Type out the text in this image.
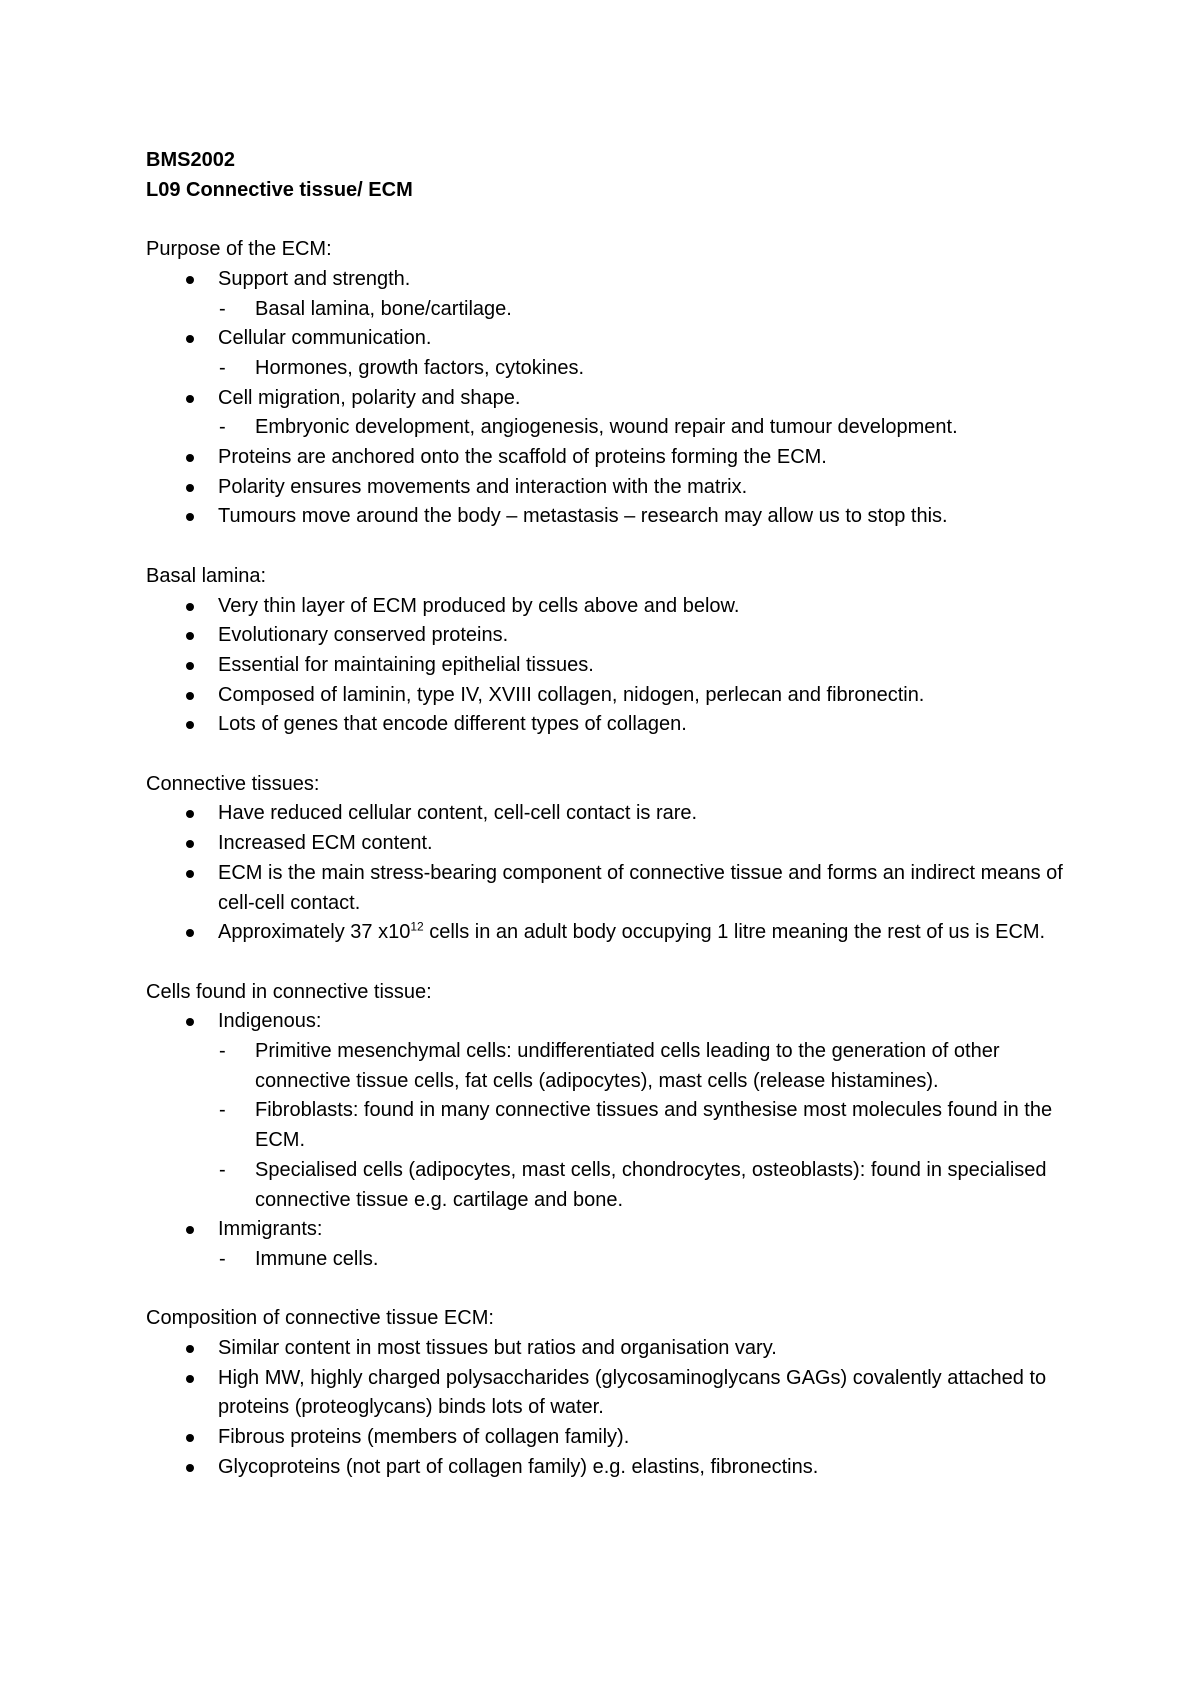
BMS2002

L09 Connective tissue/ ECM

Purpose of the ECM:

Support and strength.

- Basal lamina, bone/cartilage.

Cellular communication.

- Hormones, growth factors, cytokines.

Cell migration, polarity and shape.

- Embryonic development, angiogenesis, wound repair and tumour development.

Proteins are anchored onto the scaffold of proteins forming the ECM.

Polarity ensures movements and interaction with the matrix.

Tumours move around the body – metastasis – research may allow us to stop this.

Basal lamina:

Very thin layer of ECM produced by cells above and below.

Evolutionary conserved proteins.

Essential for maintaining epithelial tissues.

Composed of laminin, type IV, XVIII collagen, nidogen, perlecan and fibronectin.

Lots of genes that encode different types of collagen.

Connective tissues:

Have reduced cellular content, cell-cell contact is rare.

Increased ECM content.

ECM is the main stress-bearing component of connective tissue and forms an indirect means of cell-cell contact.

Approximately 37 $x10^{12}$ cells in an adult body occupying 1 litre meaning the rest of us is ECM.

Cells found in connective tissue:

Indigenous:

- Primitive mesenchymal cells: undifferentiated cells leading to the generation of other connective tissue cells, fat cells (adipocytes), mast cells (release histamines).

- Fibroblasts: found in many connective tissues and synthesise most molecules found in the ECM.

- Specialised cells (adipocytes, mast cells, chondrocytes, osteoblasts): found in specialised connective tissue e.g. cartilage and bone.

Immigrants:

- Immune cells.

Composition of connective tissue ECM:

Similar content in most tissues but ratios and organisation vary.

High MW, highly charged polysaccharides (glycosaminoglycans GAGs) covalently attached to proteins (proteoglycans) binds lots of water.

Fibrous proteins (members of collagen family).

Glycoproteins (not part of collagen family) e.g. elastins, fibronectins.
